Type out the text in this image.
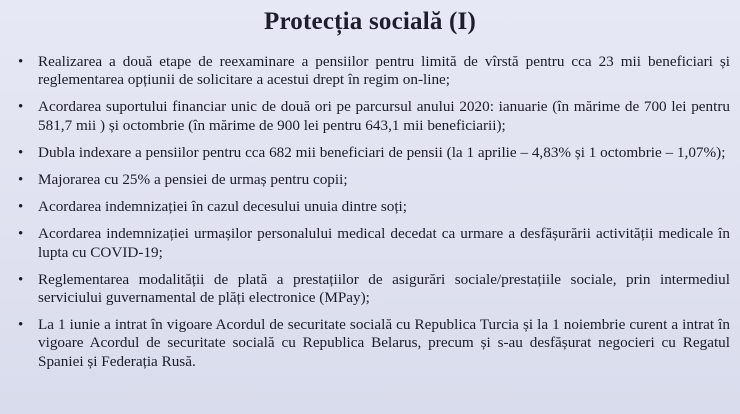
Protecția socială (I)
• Realizarea a două etape de reexaminare a pensiilor pentru limită de vîrstă pentru cca 23 mii beneficiari și reglementarea opțiunii de solicitare a acestui drept în regim on-line;
• Acordarea suportului financiar unic de două ori pe parcursul anului 2020: ianuarie (în mărime de 700 lei pentru 581,7 mii ) și octombrie (în mărime de 900 lei pentru 643,1 mii beneficiarii);
• Dubla indexare a pensiilor pentru cca 682 mii beneficiari de pensii (la 1 aprilie – 4,83% și 1 octombrie – 1,07%);
• Majorarea cu 25% a pensiei de urmaș pentru copii;
• Acordarea indemnizației în cazul decesului unuia dintre soți;
• Acordarea indemnizației urmașilor personalului medical decedat ca urmare a desfășurării activității medicale în lupta cu COVID-19;
• Reglementarea modalității de plată a prestațiilor de asigurări sociale/prestațiile sociale, prin intermediul serviciului guvernamental de plăți electronice (MPay);
• La 1 iunie a intrat în vigoare Acordul de securitate socială cu Republica Turcia și la 1 noiembrie curent a intrat în vigoare Acordul de securitate socială cu Republica Belarus, precum și s-au desfășurat negocieri cu Regatul Spaniei și Federația Rusă.
